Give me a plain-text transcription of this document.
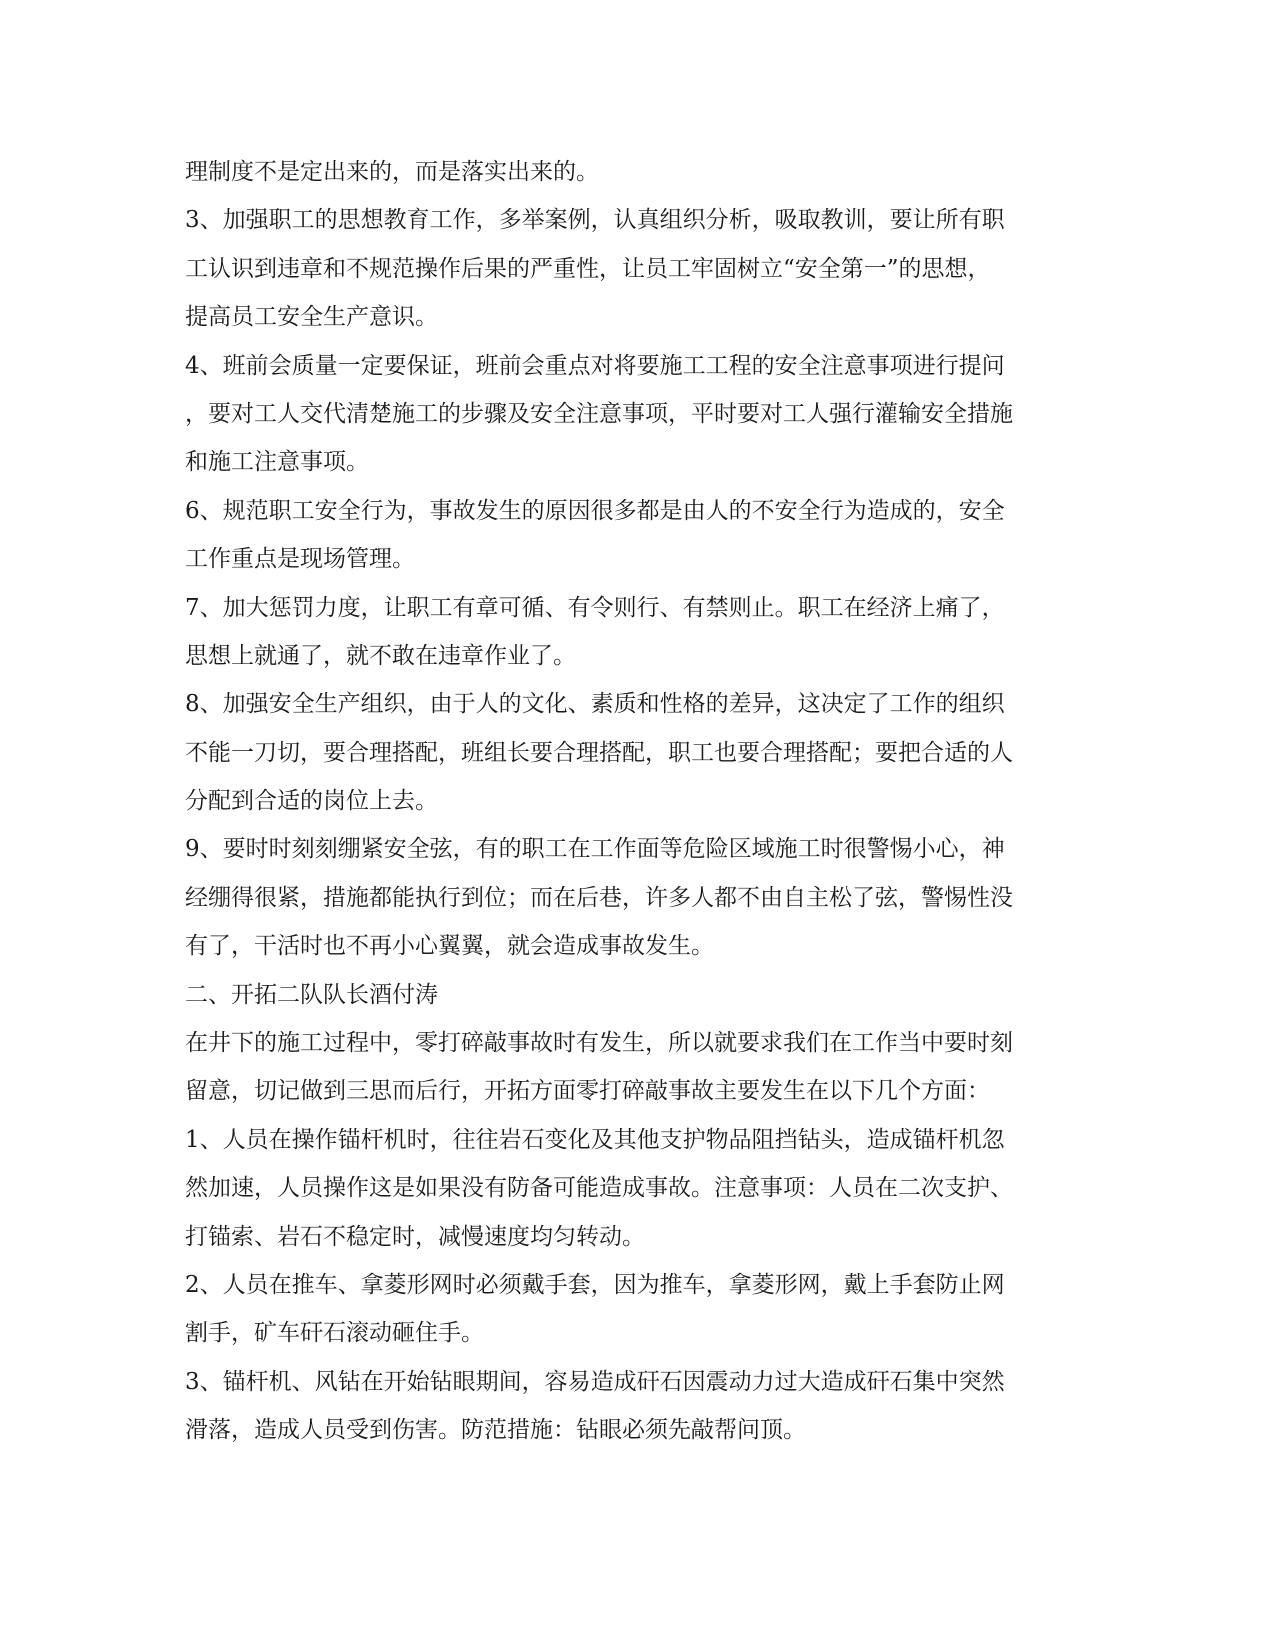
理制度不是定出来的，而是落实出来的。
3、加强职工的思想教育工作，多举案例，认真组织分析，吸取教训，要让所有职
工认识到违章和不规范操作后果的严重性，让员工牢固树立“安全第一”的思想，
提高员工安全生产意识。
4、班前会质量一定要保证，班前会重点对将要施工工程的安全注意事项进行提问
，要对工人交代清楚施工的步骤及安全注意事项，平时要对工人强行灌输安全措施
和施工注意事项。
6、规范职工安全行为，事故发生的原因很多都是由人的不安全行为造成的，安全
工作重点是现场管理。
7、加大惩罚力度，让职工有章可循、有令则行、有禁则止。职工在经济上痛了，
思想上就通了，就不敢在违章作业了。
8、加强安全生产组织，由于人的文化、素质和性格的差异，这决定了工作的组织
不能一刀切，要合理搭配，班组长要合理搭配，职工也要合理搭配；要把合适的人
分配到合适的岗位上去。
9、要时时刻刻绷紧安全弦，有的职工在工作面等危险区域施工时很警惕小心，神
经绷得很紧，措施都能执行到位；而在后巷，许多人都不由自主松了弦，警惕性没
有了，干活时也不再小心翼翼，就会造成事故发生。
二、开拓二队队长酒付涛
在井下的施工过程中，零打碎敲事故时有发生，所以就要求我们在工作当中要时刻
留意，切记做到三思而后行，开拓方面零打碎敲事故主要发生在以下几个方面：
1、人员在操作锚杆机时，往往岩石变化及其他支护物品阻挡钻头，造成锚杆机忽
然加速，人员操作这是如果没有防备可能造成事故。注意事项：人员在二次支护、
打锚索、岩石不稳定时，减慢速度均匀转动。
2、人员在推车、拿菱形网时必须戴手套，因为推车，拿菱形网，戴上手套防止网
割手，矿车矸石滚动砸住手。
3、锚杆机、风钻在开始钻眼期间，容易造成矸石因震动力过大造成矸石集中突然
滑落，造成人员受到伤害。防范措施：钻眼必须先敲帮问顶。
